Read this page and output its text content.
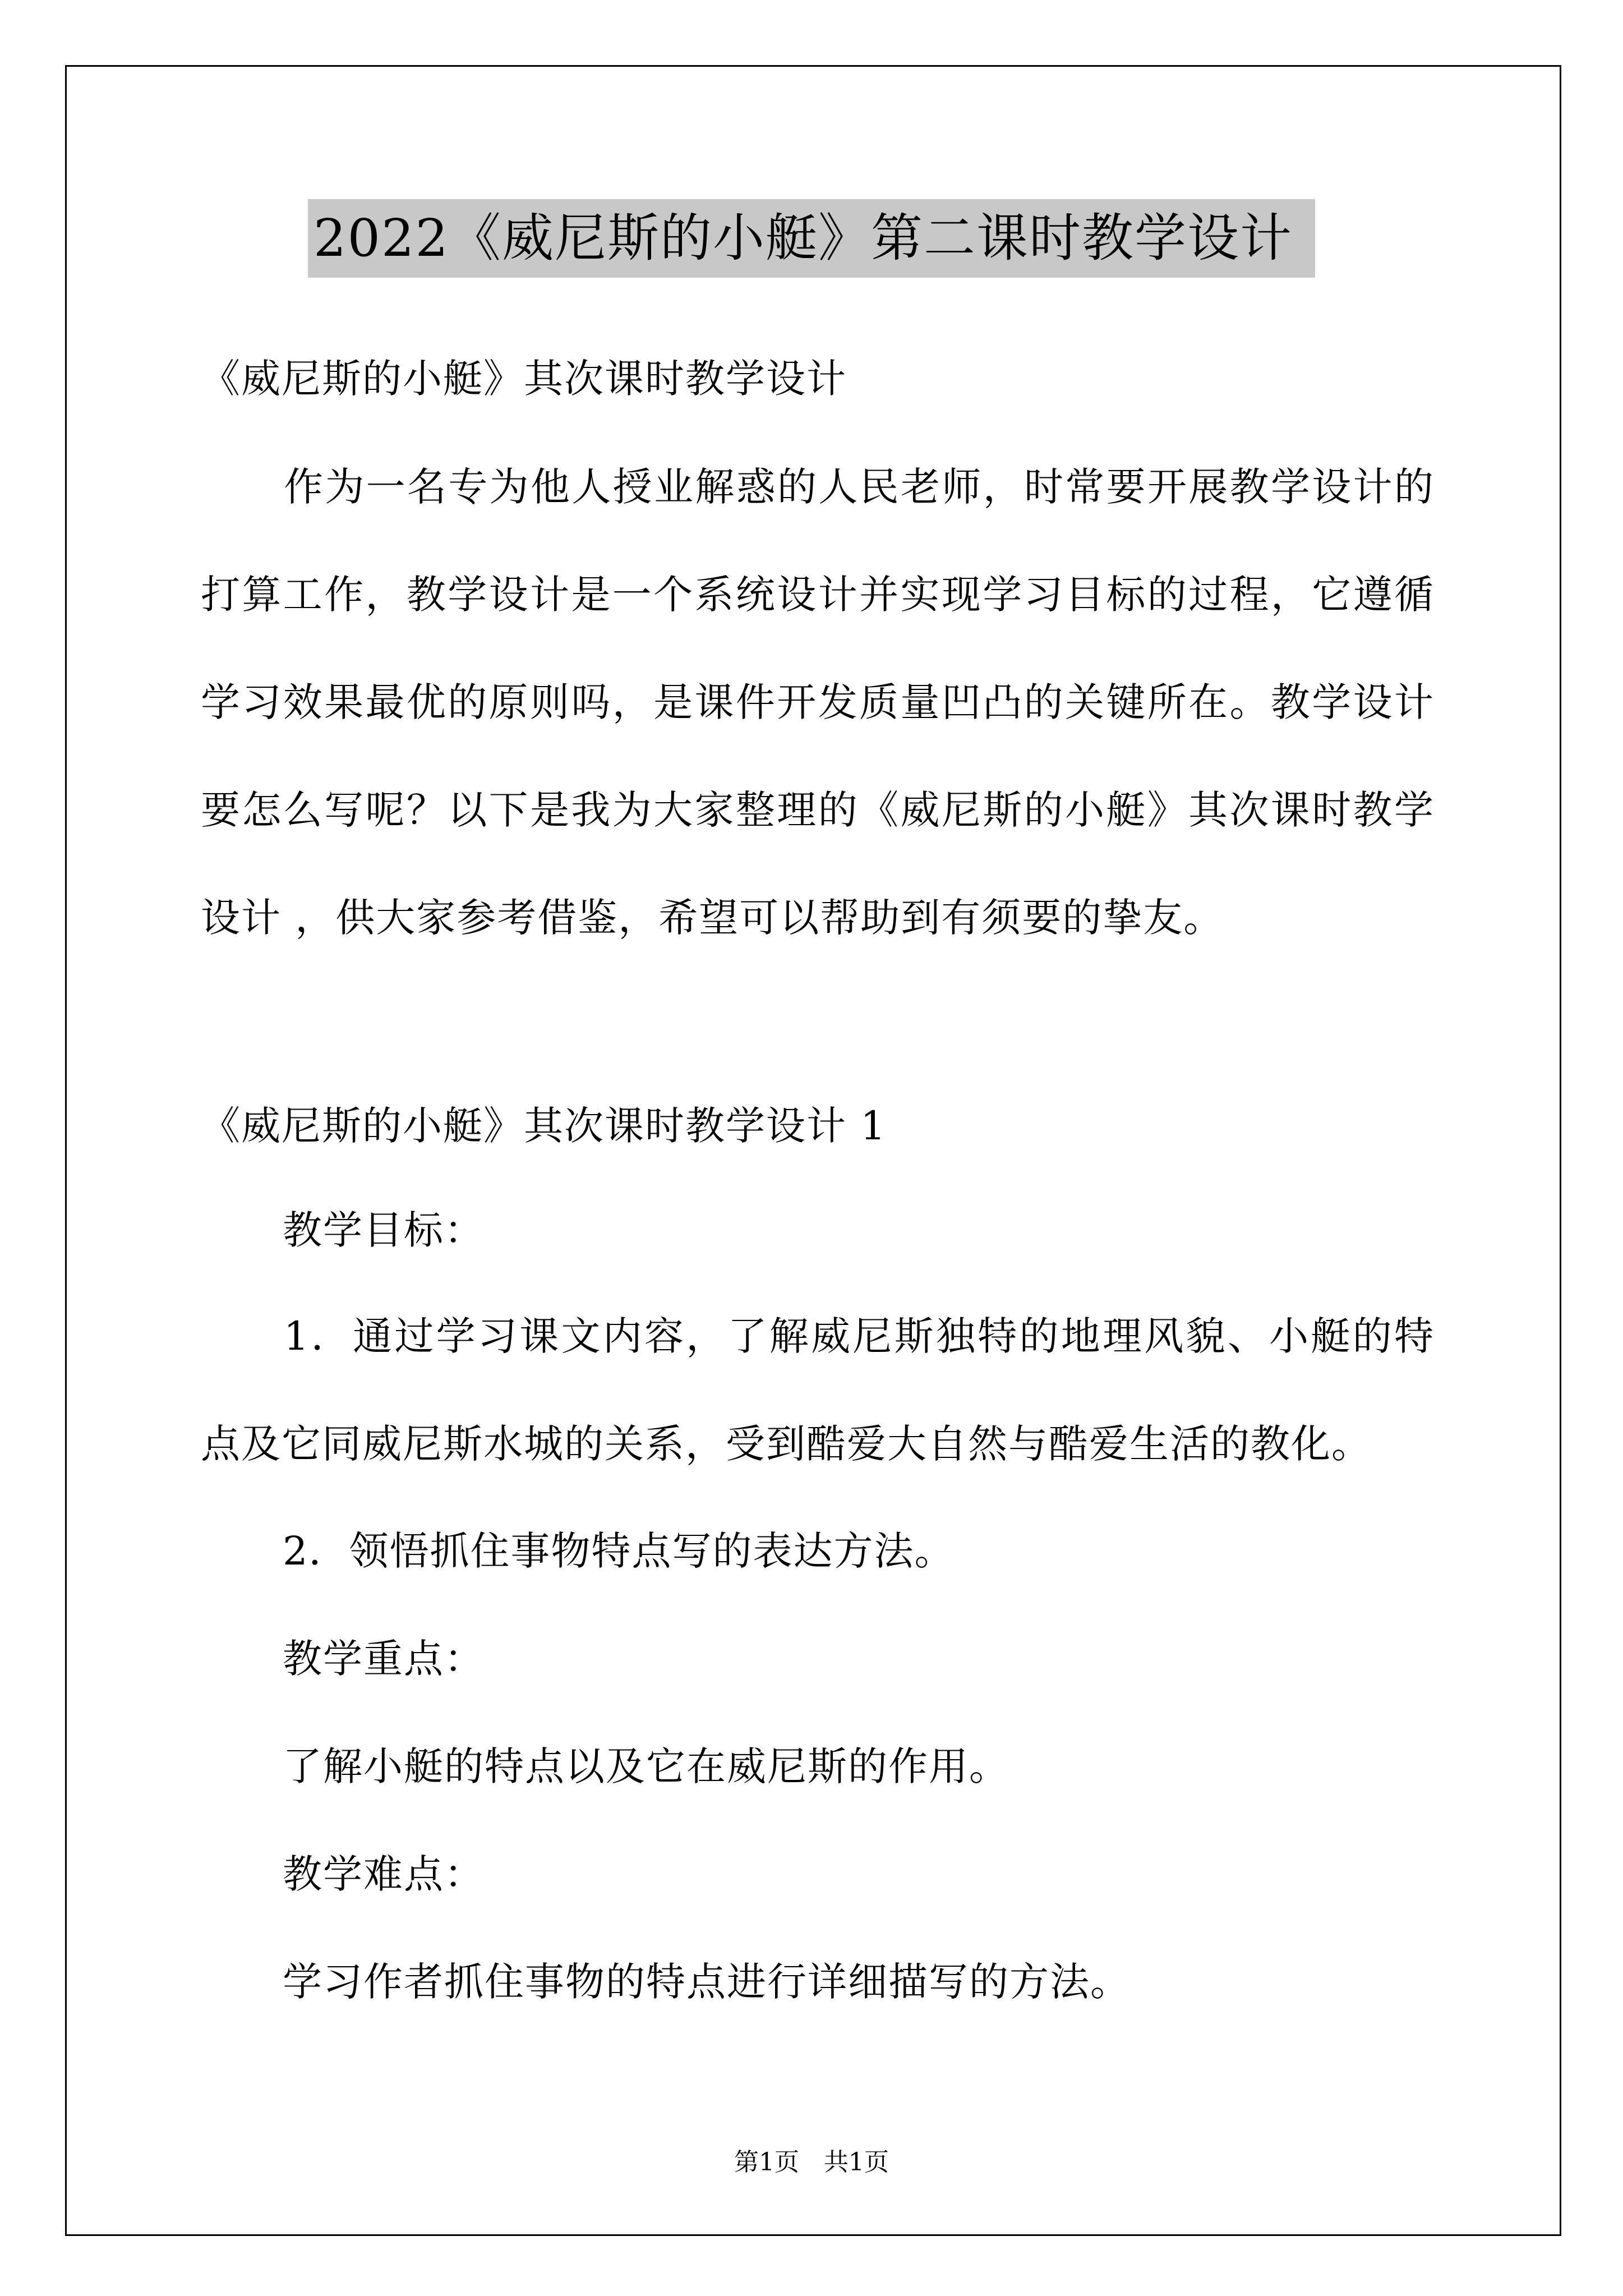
2022《威尼斯的小艇》第二课时教学设计
《威尼斯的小艇》其次课时教学设计

作为一名专为他人授业解惑的人民老师，时常要开展教学设计的打算工作，教学设计是一个系统设计并实现学习目标的过程，它遵循学习效果最优的原则吗，是课件开发质量凹凸的关键所在。教学设计要怎么写呢？以下是我为大家整理的《威尼斯的小艇》其次课时教学设计 ，供大家参考借鉴，希望可以帮助到有须要的挚友。

《威尼斯的小艇》其次课时教学设计 1
教学目标：

1．通过学习课文内容，了解威尼斯独特的地理风貌、小艇的特点及它同威尼斯水城的关系，受到酷爱大自然与酷爱生活的教化。

2．领悟抓住事物特点写的表达方法。
教学重点：
了解小艇的特点以及它在威尼斯的作用。
教学难点：
学习作者抓住事物的特点进行详细描写的方法。
第1页　共1页
